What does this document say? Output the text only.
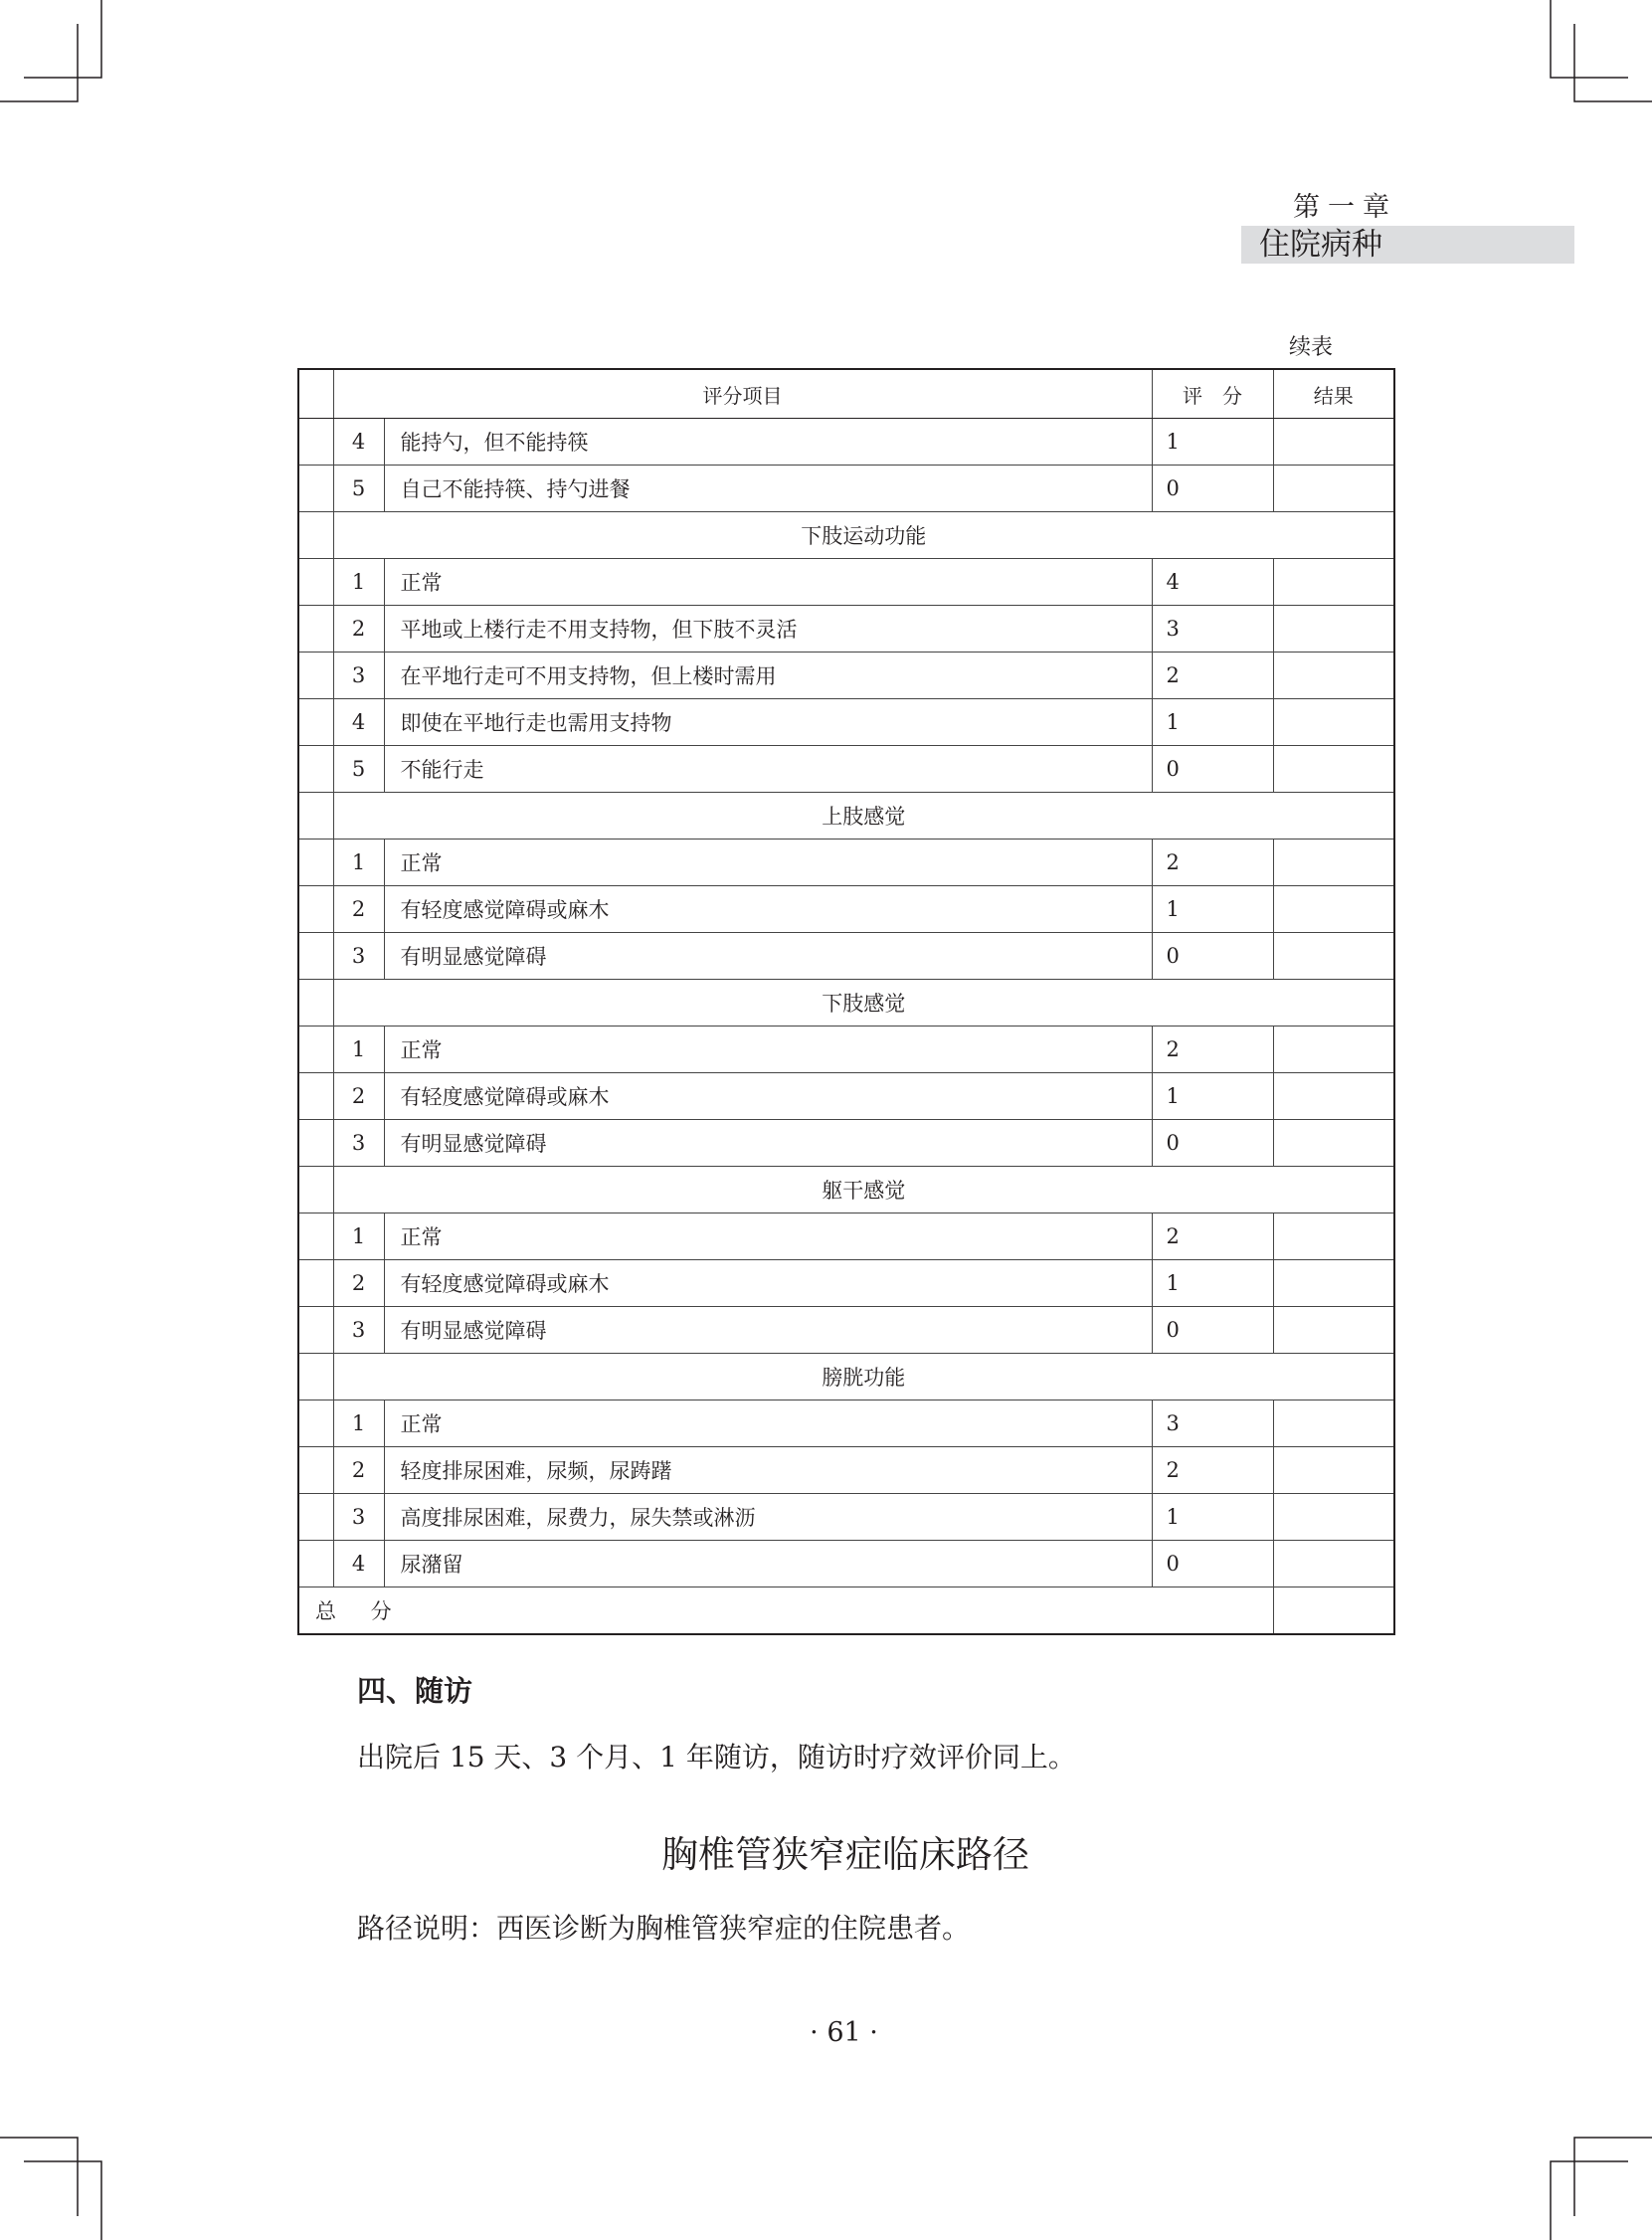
第一章
住院病种
续表
	评分项目		评　分	结果
	4	能持勺，但不能持筷	1	
	5	自己不能持筷、持勺进餐	0	
	下肢运动功能			
	1	正常	4	
	2	平地或上楼行走不用支持物，但下肢不灵活	3	
	3	在平地行走可不用支持物，但上楼时需用	2	
	4	即使在平地行走也需用支持物	1	
	5	不能行走	0	
	上肢感觉			
	1	正常	2	
	2	有轻度感觉障碍或麻木	1	
	3	有明显感觉障碍	0	
	下肢感觉			
	1	正常	2	
	2	有轻度感觉障碍或麻木	1	
	3	有明显感觉障碍	0	
	躯干感觉			
	1	正常	2	
	2	有轻度感觉障碍或麻木	1	
	3	有明显感觉障碍	0	
	膀胱功能			
	1	正常	3	
	2	轻度排尿困难，尿频，尿踌躇	2	
	3	高度排尿困难，尿费力，尿失禁或淋沥	1	
	4	尿潴留	0	
总 分				
四、随访
出院后 15 天、3 个月、1 年随访，随访时疗效评价同上。
胸椎管狭窄症临床路径
路径说明：西医诊断为胸椎管狭窄症的住院患者。
· 61 ·
